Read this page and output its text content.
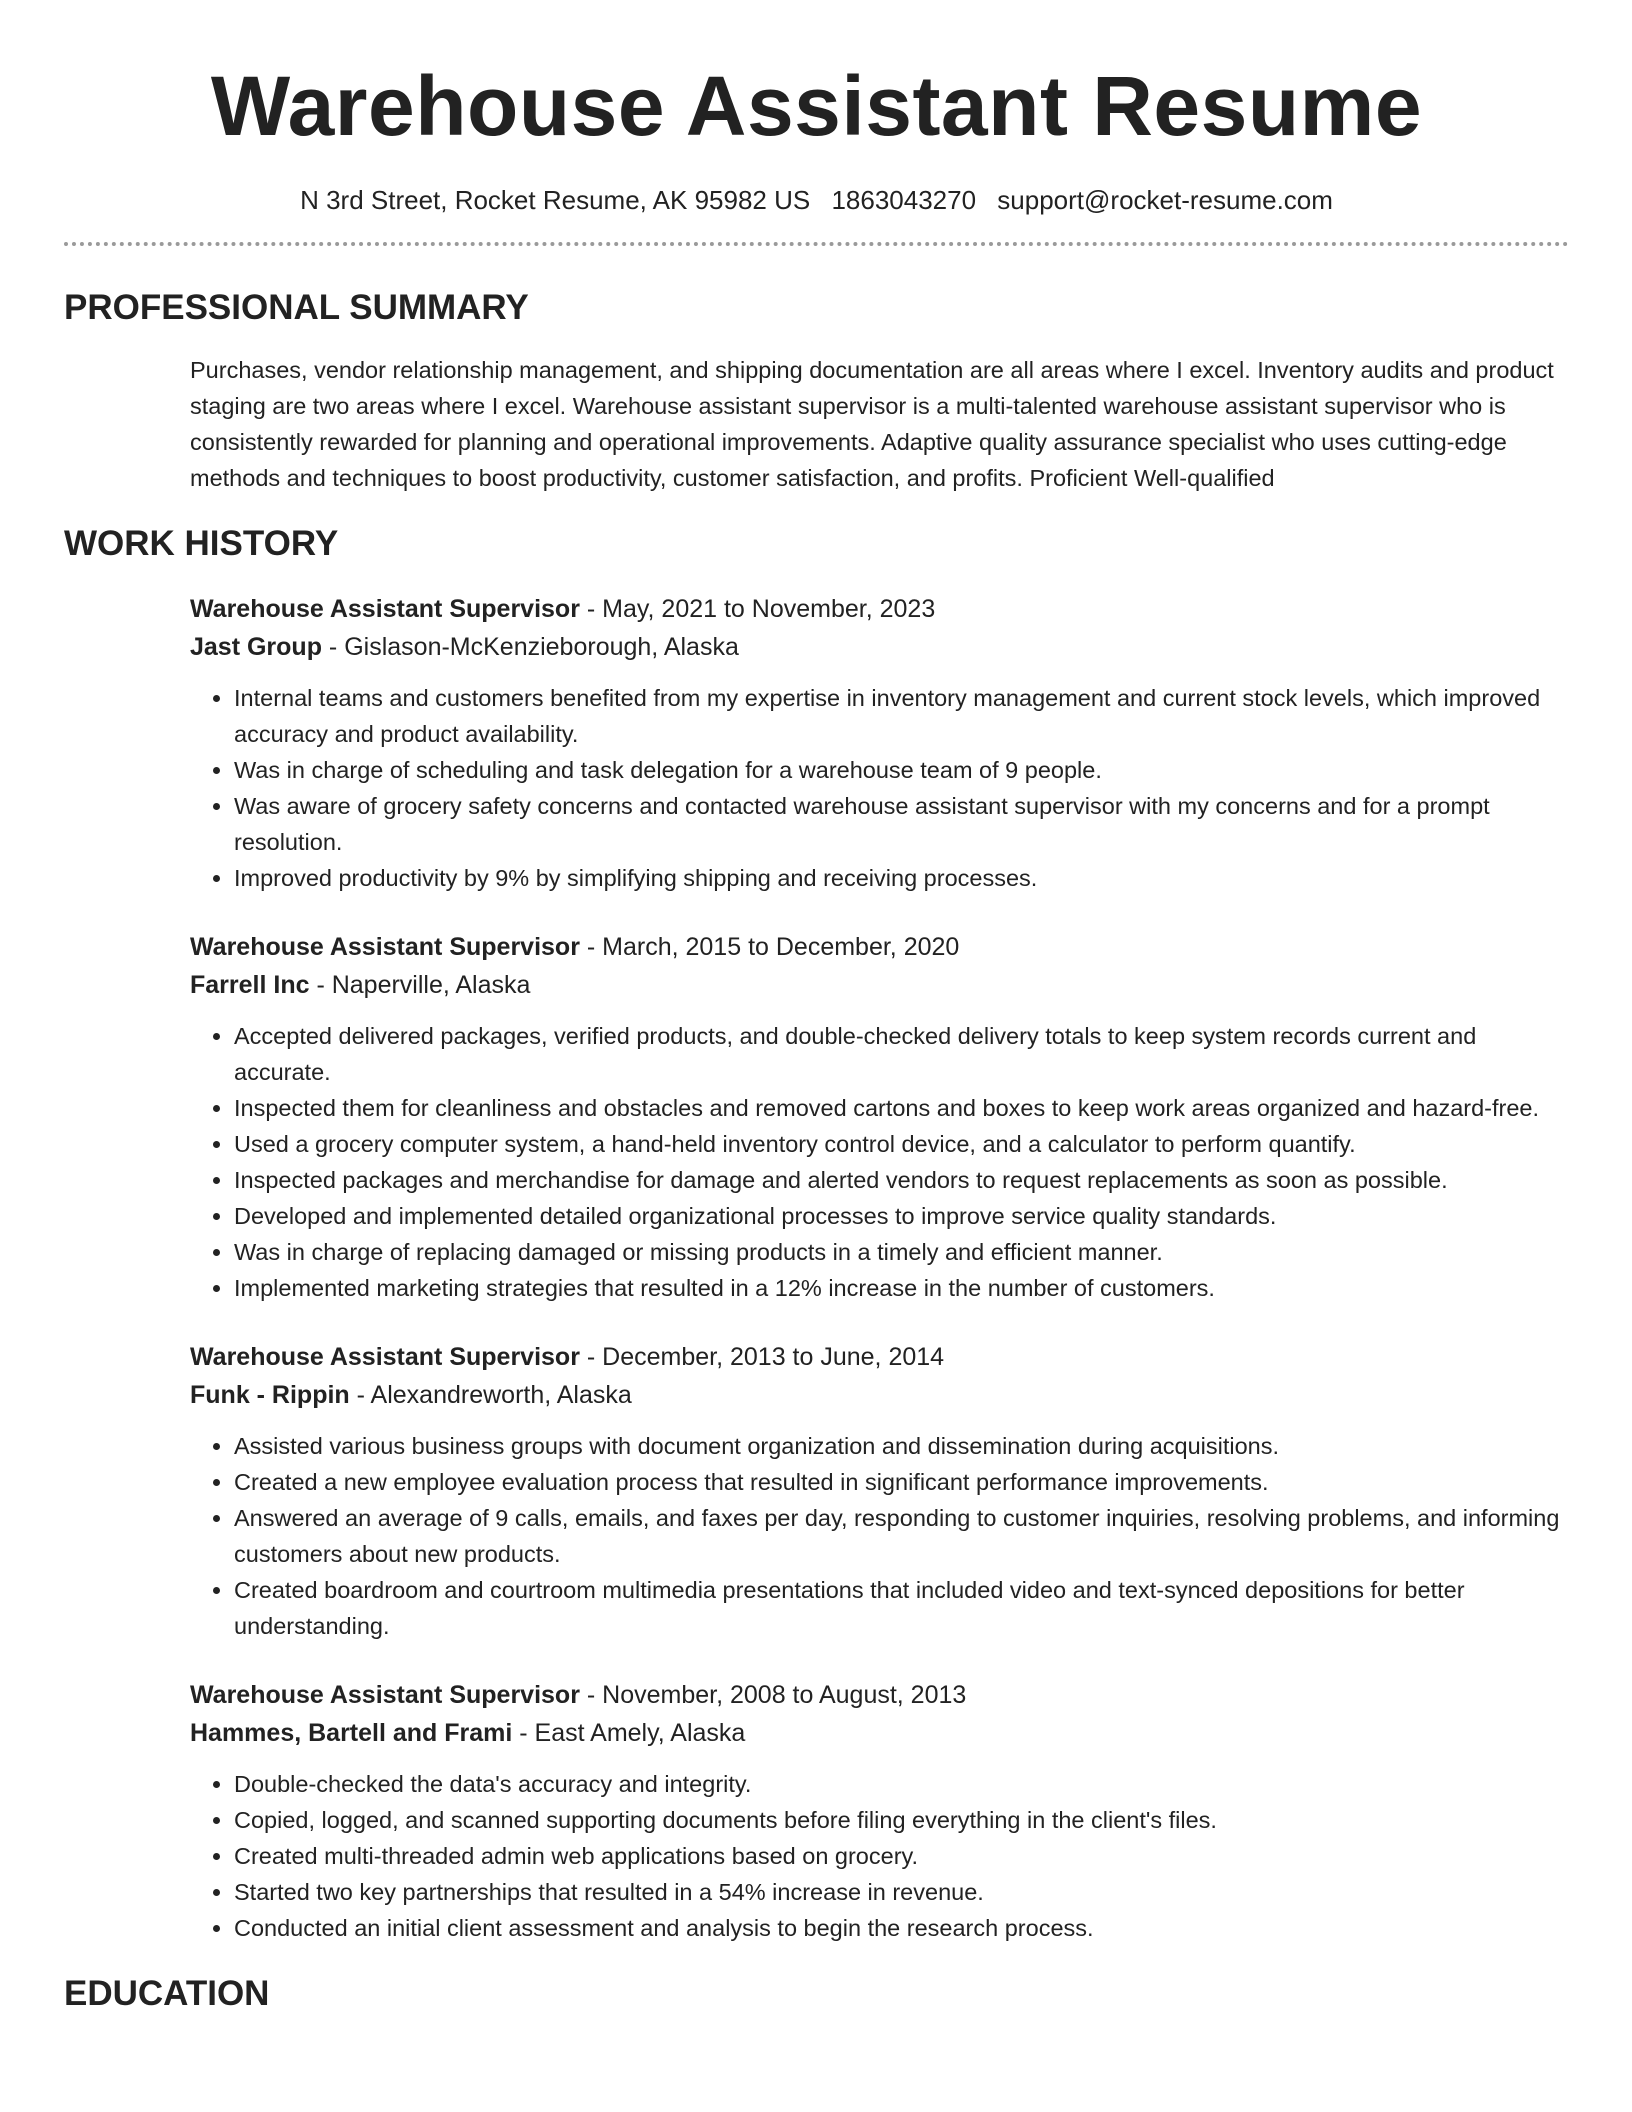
Warehouse Assistant Resume
N 3rd Street, Rocket Resume, AK 95982 US 1863043270 support@rocket-resume.com
PROFESSIONAL SUMMARY
Purchases, vendor relationship management, and shipping documentation are all areas where I excel. Inventory audits and product staging are two areas where I excel. Warehouse assistant supervisor is a multi-talented warehouse assistant supervisor who is consistently rewarded for planning and operational improvements. Adaptive quality assurance specialist who uses cutting-edge methods and techniques to boost productivity, customer satisfaction, and profits. Proficient Well-qualified
WORK HISTORY
Warehouse Assistant Supervisor - May, 2021 to November, 2023
Jast Group - Gislason-McKenzieborough, Alaska
• Internal teams and customers benefited from my expertise in inventory management and current stock levels, which improved accuracy and product availability.
• Was in charge of scheduling and task delegation for a warehouse team of 9 people.
• Was aware of grocery safety concerns and contacted warehouse assistant supervisor with my concerns and for a prompt resolution.
• Improved productivity by 9% by simplifying shipping and receiving processes.
Warehouse Assistant Supervisor - March, 2015 to December, 2020
Farrell Inc - Naperville, Alaska
• Accepted delivered packages, verified products, and double-checked delivery totals to keep system records current and accurate.
• Inspected them for cleanliness and obstacles and removed cartons and boxes to keep work areas organized and hazard-free.
• Used a grocery computer system, a hand-held inventory control device, and a calculator to perform quantify.
• Inspected packages and merchandise for damage and alerted vendors to request replacements as soon as possible.
• Developed and implemented detailed organizational processes to improve service quality standards.
• Was in charge of replacing damaged or missing products in a timely and efficient manner.
• Implemented marketing strategies that resulted in a 12% increase in the number of customers.
Warehouse Assistant Supervisor - December, 2013 to June, 2014
Funk - Rippin - Alexandreworth, Alaska
• Assisted various business groups with document organization and dissemination during acquisitions.
• Created a new employee evaluation process that resulted in significant performance improvements.
• Answered an average of 9 calls, emails, and faxes per day, responding to customer inquiries, resolving problems, and informing customers about new products.
• Created boardroom and courtroom multimedia presentations that included video and text-synced depositions for better understanding.
Warehouse Assistant Supervisor - November, 2008 to August, 2013
Hammes, Bartell and Frami - East Amely, Alaska
• Double-checked the data's accuracy and integrity.
• Copied, logged, and scanned supporting documents before filing everything in the client's files.
• Created multi-threaded admin web applications based on grocery.
• Started two key partnerships that resulted in a 54% increase in revenue.
• Conducted an initial client assessment and analysis to begin the research process.
EDUCATION
